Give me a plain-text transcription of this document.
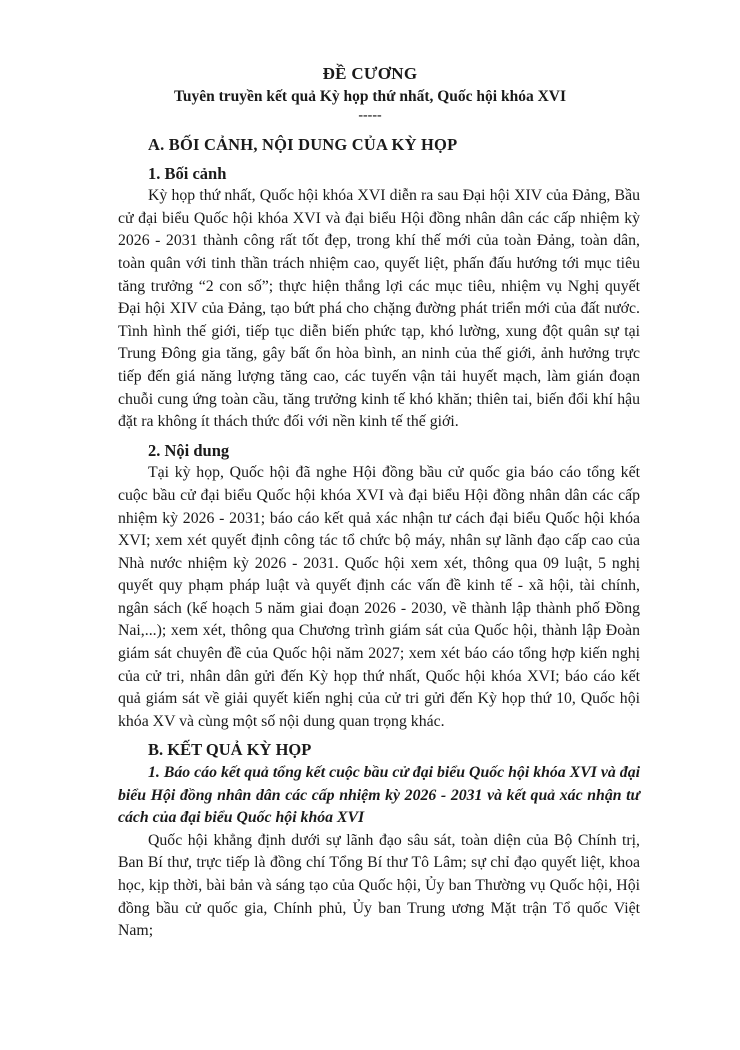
ĐỀ CƯƠNG
Tuyên truyền kết quả Kỳ họp thứ nhất, Quốc hội khóa XVI
-----

A. BỐI CẢNH, NỘI DUNG CỦA KỲ HỌP

1. Bối cảnh

Kỳ họp thứ nhất, Quốc hội khóa XVI diễn ra sau Đại hội XIV của Đảng, Bầu cử đại biểu Quốc hội khóa XVI và đại biểu Hội đồng nhân dân các cấp nhiệm kỳ 2026 - 2031 thành công rất tốt đẹp, trong khí thế mới của toàn Đảng, toàn dân, toàn quân với tinh thần trách nhiệm cao, quyết liệt, phấn đấu hướng tới mục tiêu tăng trưởng “2 con số”; thực hiện thắng lợi các mục tiêu, nhiệm vụ Nghị quyết Đại hội XIV của Đảng, tạo bứt phá cho chặng đường phát triển mới của đất nước. Tình hình thế giới, tiếp tục diễn biến phức tạp, khó lường, xung đột quân sự tại Trung Đông gia tăng, gây bất ổn hòa bình, an ninh của thế giới, ảnh hưởng trực tiếp đến giá năng lượng tăng cao, các tuyến vận tải huyết mạch, làm gián đoạn chuỗi cung ứng toàn cầu, tăng trưởng kinh tế khó khăn; thiên tai, biến đổi khí hậu đặt ra không ít thách thức đối với nền kinh tế thế giới.

2. Nội dung

Tại kỳ họp, Quốc hội đã nghe Hội đồng bầu cử quốc gia báo cáo tổng kết cuộc bầu cử đại biểu Quốc hội khóa XVI và đại biểu Hội đồng nhân dân các cấp nhiệm kỳ 2026 - 2031; báo cáo kết quả xác nhận tư cách đại biểu Quốc hội khóa XVI; xem xét quyết định công tác tổ chức bộ máy, nhân sự lãnh đạo cấp cao của Nhà nước nhiệm kỳ 2026 - 2031. Quốc hội xem xét, thông qua 09 luật, 5 nghị quyết quy phạm pháp luật và quyết định các vấn đề kinh tế - xã hội, tài chính, ngân sách (kế hoạch 5 năm giai đoạn 2026 - 2030, về thành lập thành phố Đồng Nai,...); xem xét, thông qua Chương trình giám sát của Quốc hội, thành lập Đoàn giám sát chuyên đề của Quốc hội năm 2027; xem xét báo cáo tổng hợp kiến nghị của cử tri, nhân dân gửi đến Kỳ họp thứ nhất, Quốc hội khóa XVI; báo cáo kết quả giám sát về giải quyết kiến nghị của cử tri gửi đến Kỳ họp thứ 10, Quốc hội khóa XV và cùng một số nội dung quan trọng khác.

B. KẾT QUẢ KỲ HỌP

1. Báo cáo kết quả tổng kết cuộc bầu cử đại biểu Quốc hội khóa XVI và đại biểu Hội đồng nhân dân các cấp nhiệm kỳ 2026 - 2031 và kết quả xác nhận tư cách của đại biểu Quốc hội khóa XVI

Quốc hội khẳng định dưới sự lãnh đạo sâu sát, toàn diện của Bộ Chính trị, Ban Bí thư, trực tiếp là đồng chí Tổng Bí thư Tô Lâm; sự chỉ đạo quyết liệt, khoa học, kịp thời, bài bản và sáng tạo của Quốc hội, Ủy ban Thường vụ Quốc hội, Hội đồng bầu cử quốc gia, Chính phủ, Ủy ban Trung ương Mặt trận Tổ quốc Việt Nam;
